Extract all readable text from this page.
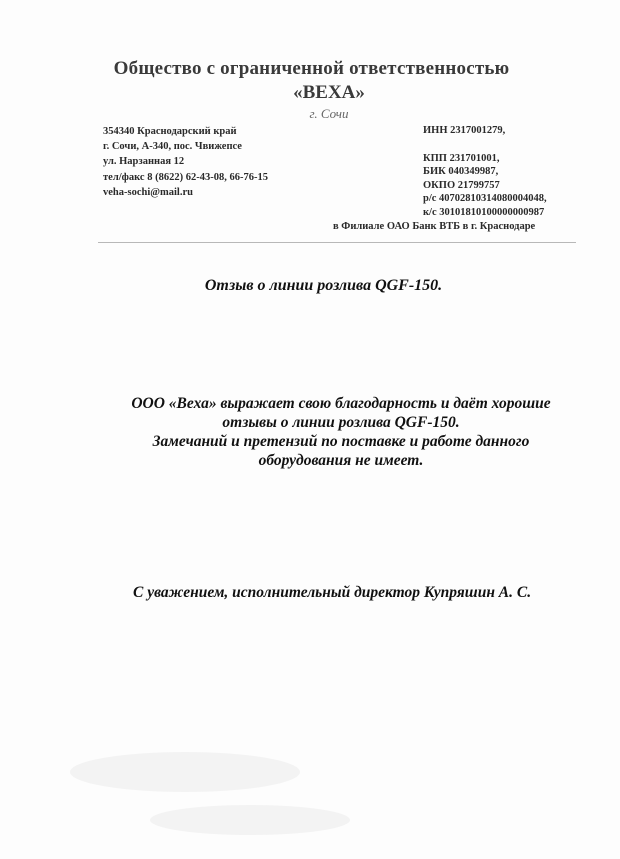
Общество с ограниченной ответственностью
«ВЕХА»
г. Сочи
354340 Краснодарский край
г. Сочи, А-340, пос. Чвижепсе
ул. Нарзанная 12
тел/факс 8 (8622) 62-43-08, 66-76-15
veha-sochi@mail.ru
ИНН 2317001279,
КПП 231701001,
БИК 040349987,
ОКПО 21799757
р/с 40702810314080004048,
к/с 30101810100000000987
в Филиале ОАО Банк ВТБ в г. Краснодаре
Отзыв о линии розлива QGF-150.
ООО «Веха» выражает свою благодарность и даёт хорошие
отзывы о линии розлива QGF-150.
Замечаний и претензий по поставке и работе данного
оборудования не имеет.
С уважением, исполнительный директор Купряшин А. С.
